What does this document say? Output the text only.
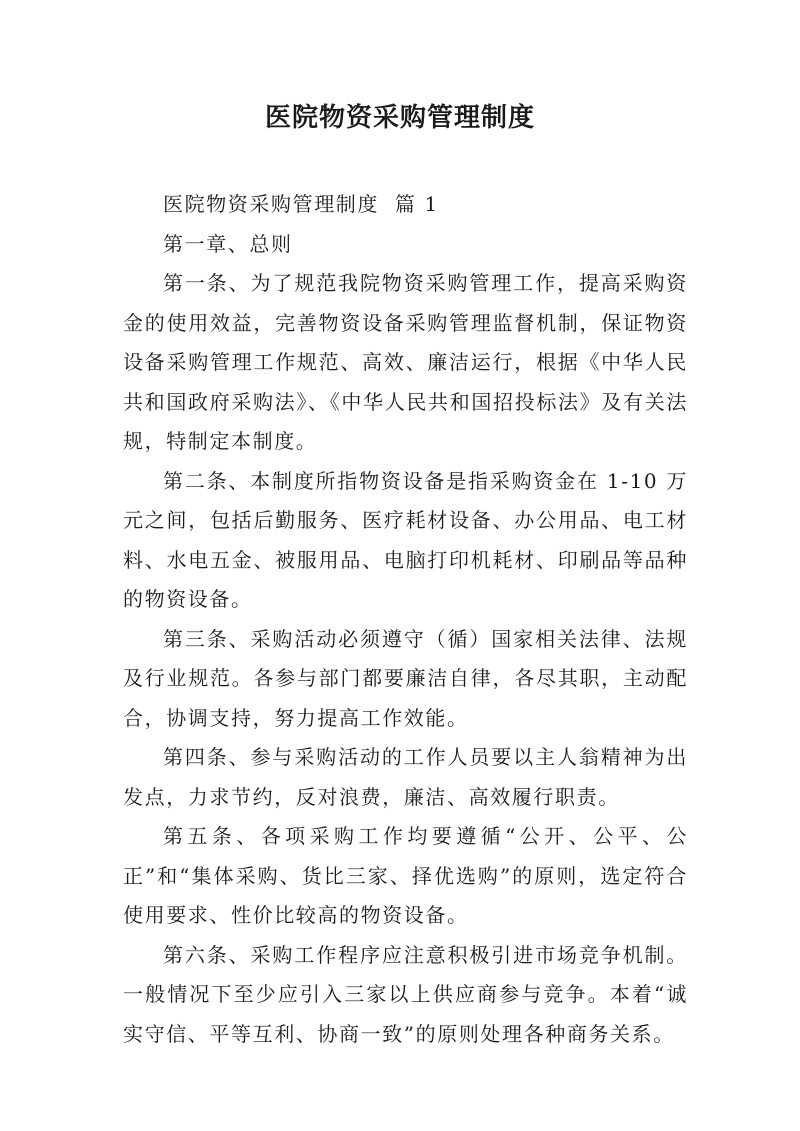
医院物资采购管理制度

医院物资采购管理制度  篇 1

第一章、总则

第一条、为了规范我院物资采购管理工作，提高采购资金的使用效益，完善物资设备采购管理监督机制，保证物资设备采购管理工作规范、高效、廉洁运行，根据《中华人民共和国政府采购法》、《中华人民共和国招投标法》及有关法规，特制定本制度。

第二条、本制度所指物资设备是指采购资金在 1-10 万元之间，包括后勤服务、医疗耗材设备、办公用品、电工材料、水电五金、被服用品、电脑打印机耗材、印刷品等品种的物资设备。

第三条、采购活动必须遵守（循）国家相关法律、法规及行业规范。各参与部门都要廉洁自律，各尽其职，主动配合，协调支持，努力提高工作效能。

第四条、参与采购活动的工作人员要以主人翁精神为出发点，力求节约，反对浪费，廉洁、高效履行职责。

第五条、各项采购工作均要遵循“公开、公平、公正”和“集体采购、货比三家、择优选购”的原则，选定符合使用要求、性价比较高的物资设备。

第六条、采购工作程序应注意积极引进市场竞争机制。一般情况下至少应引入三家以上供应商参与竞争。本着“诚实守信、平等互利、协商一致”的原则处理各种商务关系。
